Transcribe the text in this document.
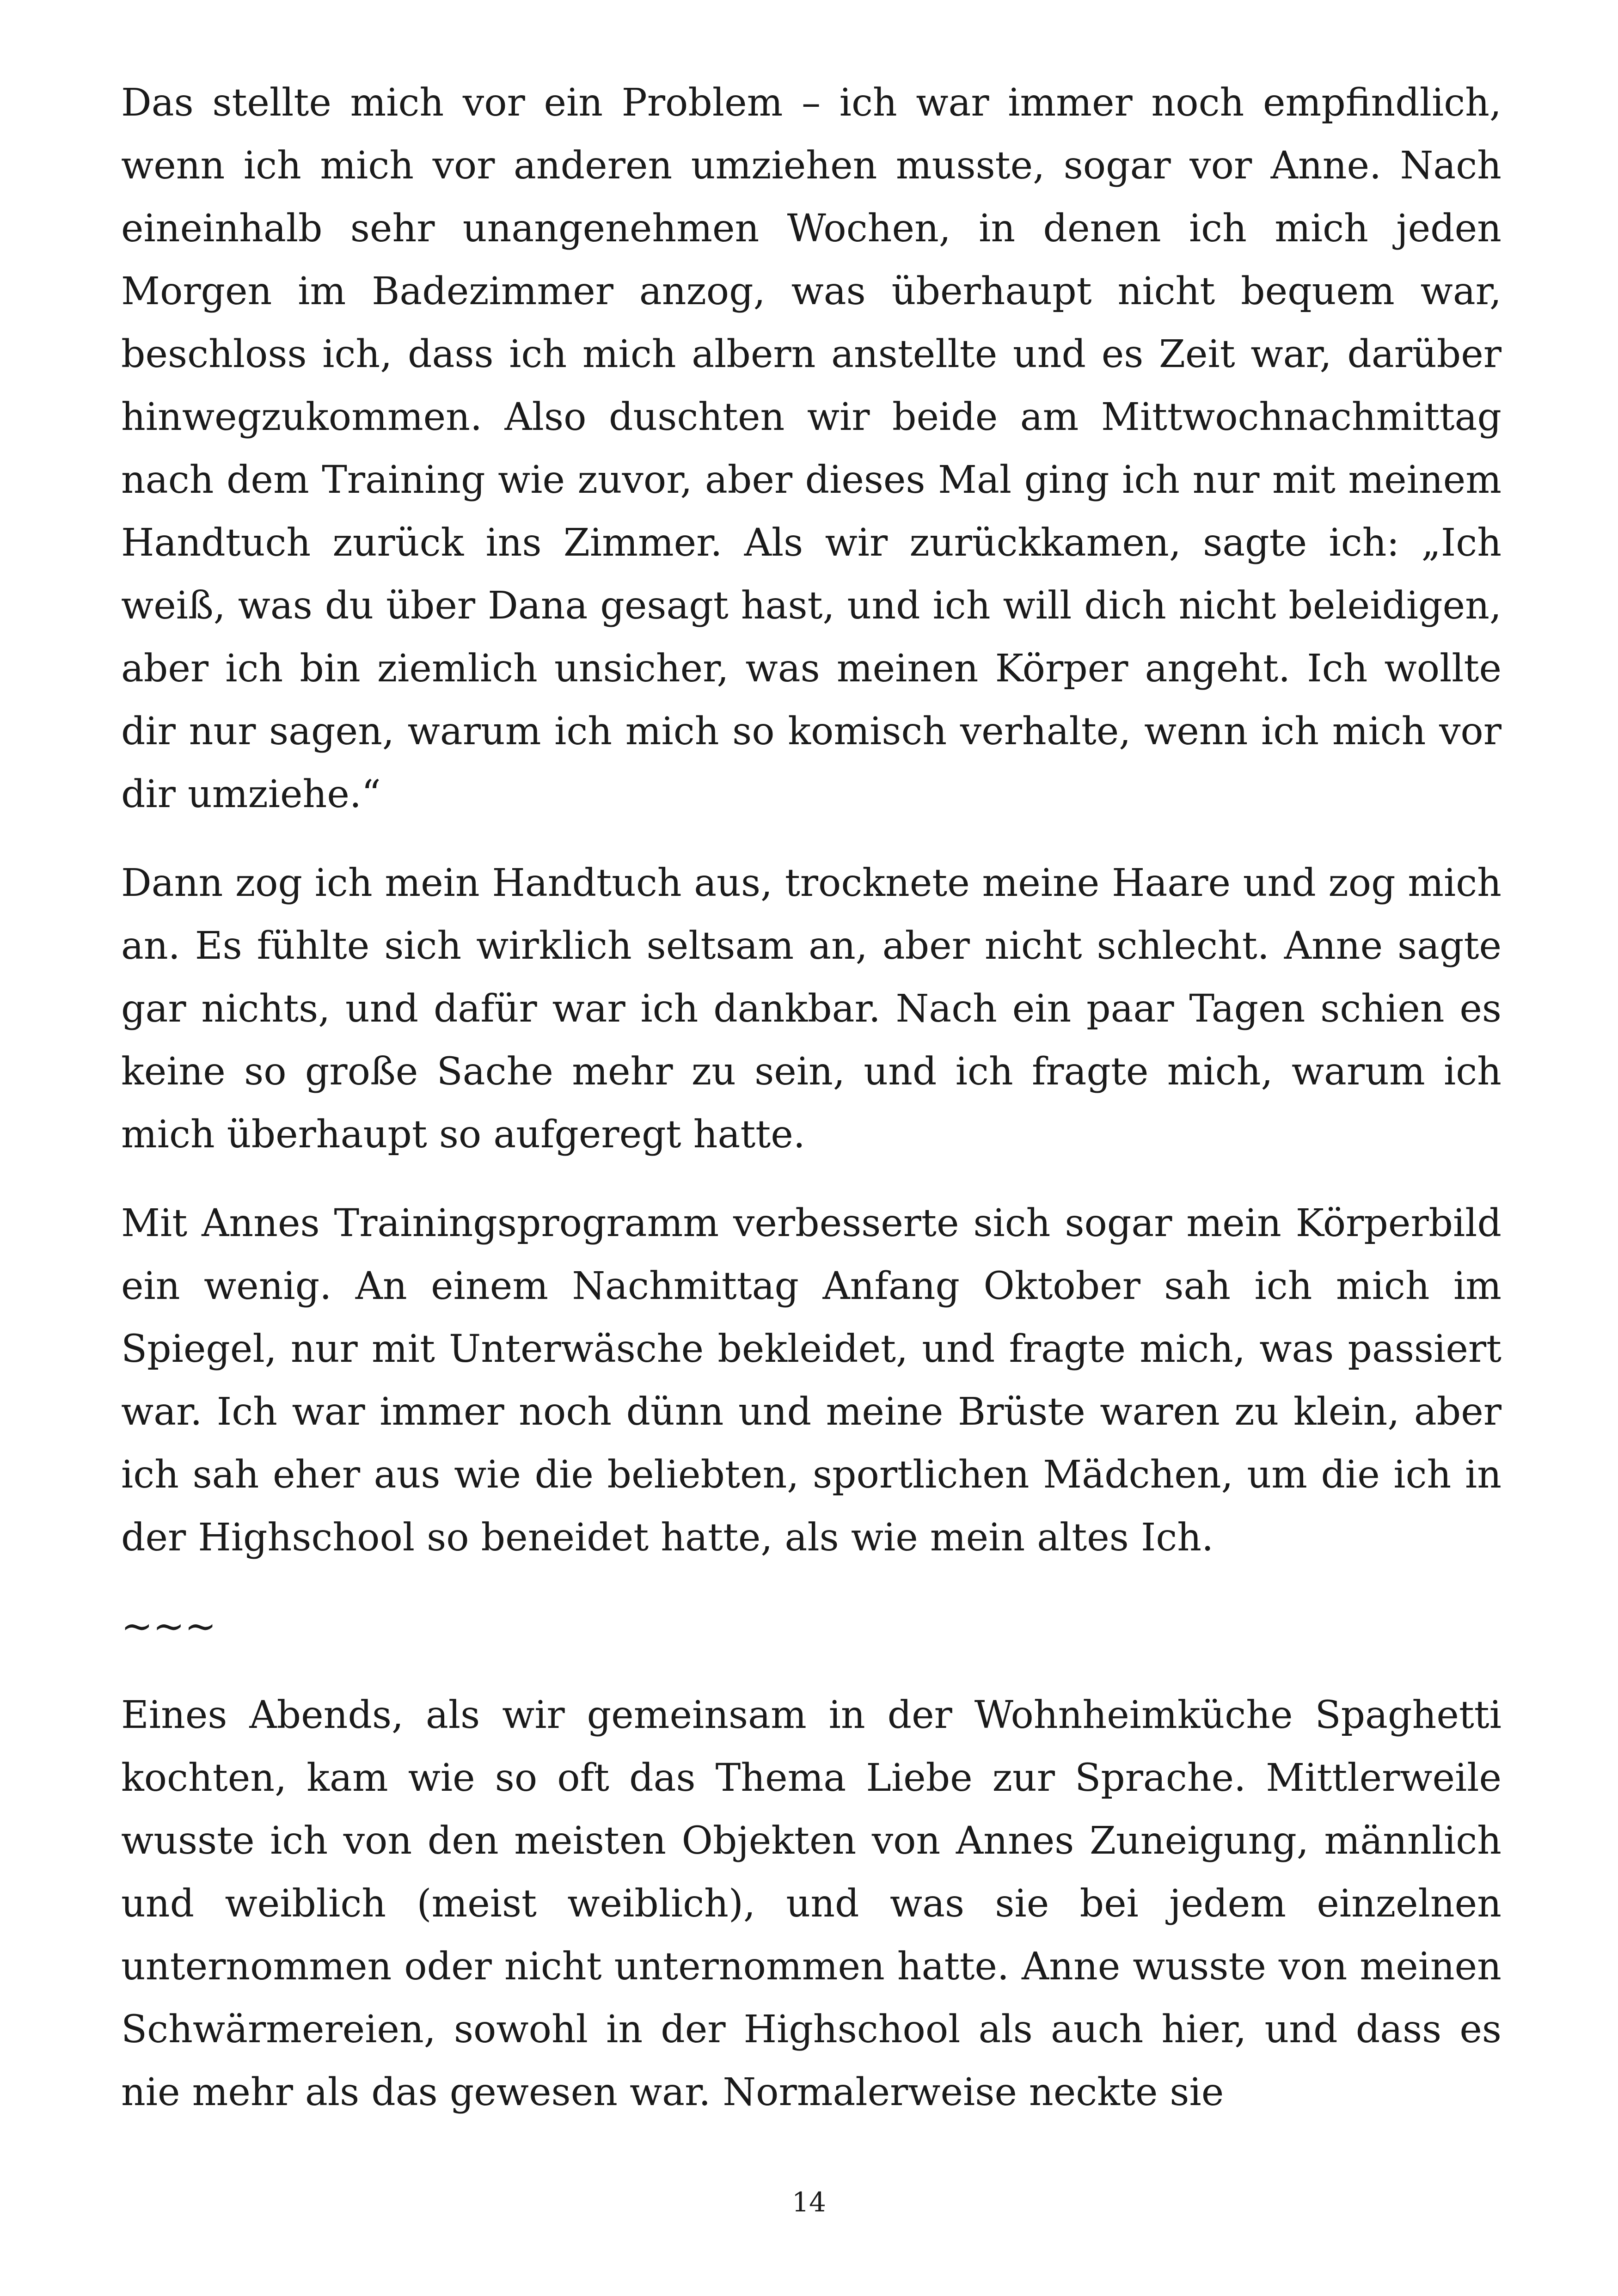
Das stellte mich vor ein Problem – ich war immer noch empfindlich, wenn ich mich vor anderen umziehen musste, sogar vor Anne. Nach eineinhalb sehr unangenehmen Wochen, in denen ich mich jeden Morgen im Badezimmer anzog, was überhaupt nicht bequem war, beschloss ich, dass ich mich albern anstellte und es Zeit war, darüber hinwegzukommen. Also duschten wir beide am Mittwochnachmittag nach dem Training wie zuvor, aber dieses Mal ging ich nur mit meinem Handtuch zurück ins Zimmer. Als wir zurückkamen, sagte ich: „Ich weiß, was du über Dana gesagt hast, und ich will dich nicht beleidigen, aber ich bin ziemlich unsicher, was meinen Körper angeht. Ich wollte dir nur sagen, warum ich mich so komisch verhalte, wenn ich mich vor dir umziehe.“

Dann zog ich mein Handtuch aus, trocknete meine Haare und zog mich an. Es fühlte sich wirklich seltsam an, aber nicht schlecht. Anne sagte gar nichts, und dafür war ich dankbar. Nach ein paar Tagen schien es keine so große Sache mehr zu sein, und ich fragte mich, warum ich mich überhaupt so aufgeregt hatte.

Mit Annes Trainingsprogramm verbesserte sich sogar mein Körperbild ein wenig. An einem Nachmittag Anfang Oktober sah ich mich im Spiegel, nur mit Unterwäsche bekleidet, und fragte mich, was passiert war. Ich war immer noch dünn und meine Brüste waren zu klein, aber ich sah eher aus wie die beliebten, sportlichen Mädchen, um die ich in der Highschool so beneidet hatte, als wie mein altes Ich.

~~~

Eines Abends, als wir gemeinsam in der Wohnheimküche Spaghetti kochten, kam wie so oft das Thema Liebe zur Sprache. Mittlerweile wusste ich von den meisten Objekten von Annes Zuneigung, männlich und weiblich (meist weiblich), und was sie bei jedem einzelnen unternommen oder nicht unternommen hatte. Anne wusste von meinen Schwärmereien, sowohl in der Highschool als auch hier, und dass es nie mehr als das gewesen war. Normalerweise neckte sie

14
